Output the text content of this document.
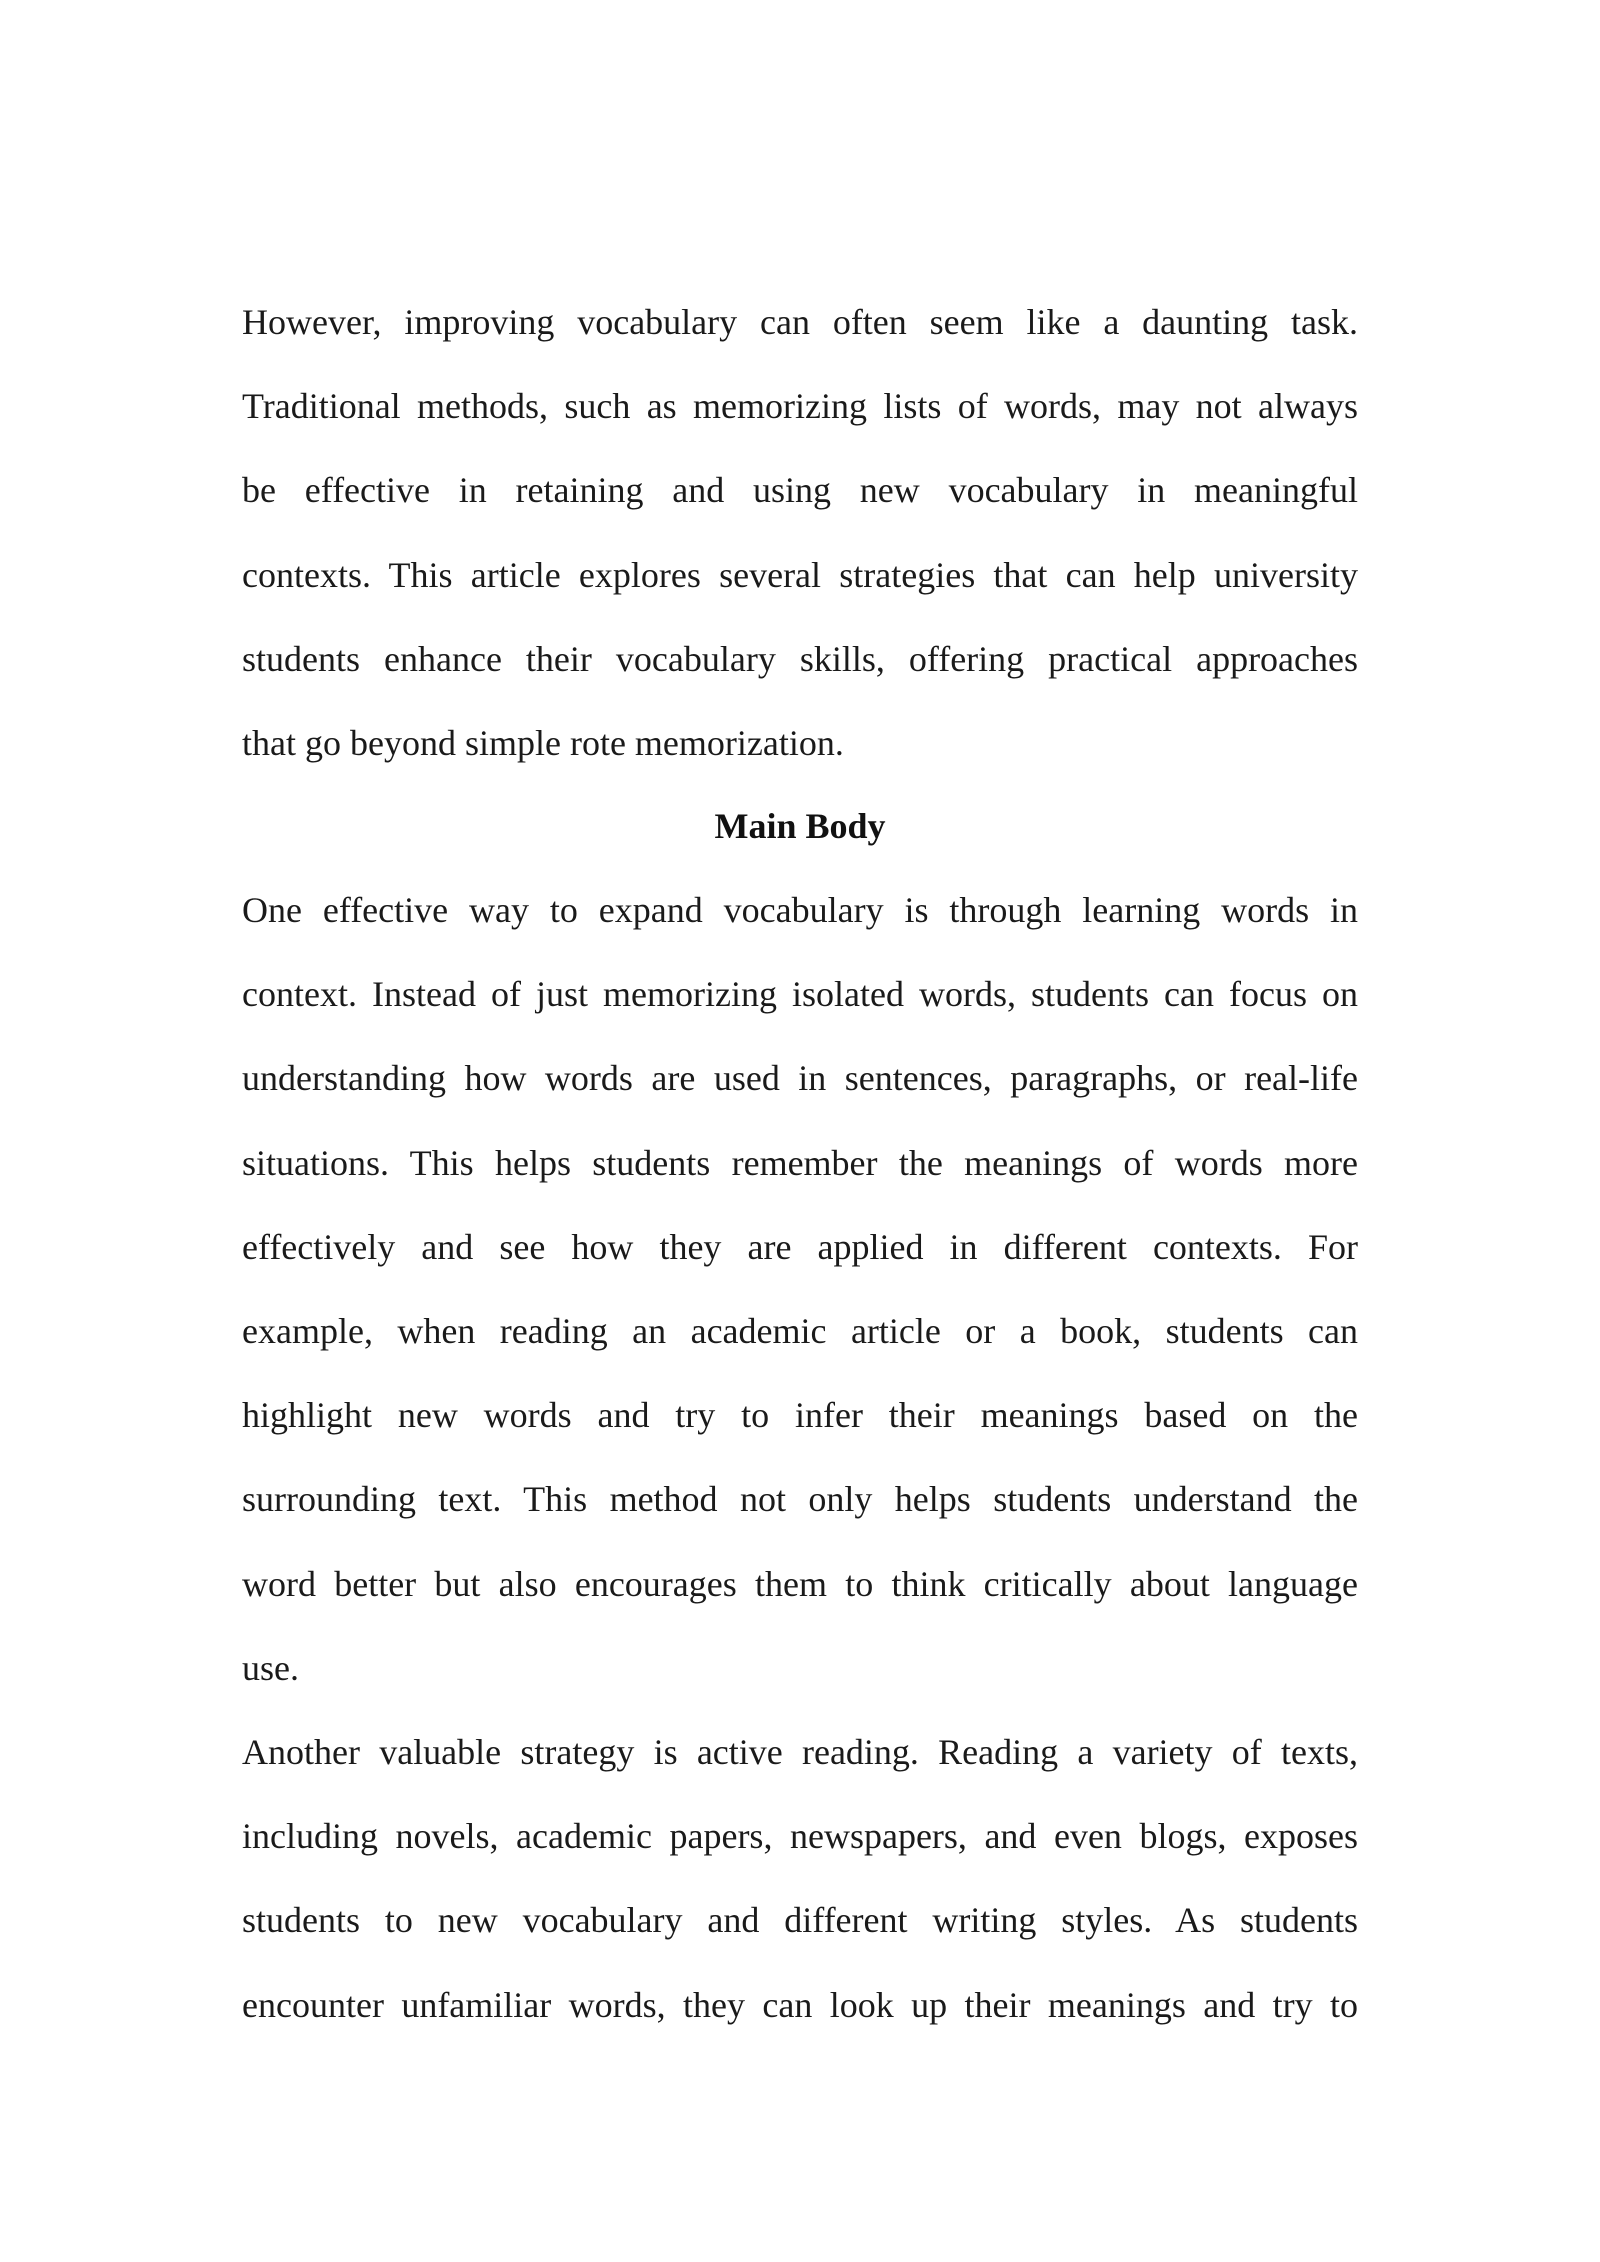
However, improving vocabulary can often seem like a daunting task.
Traditional methods, such as memorizing lists of words, may not always
be effective in retaining and using new vocabulary in meaningful
contexts. This article explores several strategies that can help university
students enhance their vocabulary skills, offering practical approaches
that go beyond simple rote memorization.
Main Body
One effective way to expand vocabulary is through learning words in
context. Instead of just memorizing isolated words, students can focus on
understanding how words are used in sentences, paragraphs, or real-life
situations. This helps students remember the meanings of words more
effectively and see how they are applied in different contexts. For
example, when reading an academic article or a book, students can
highlight new words and try to infer their meanings based on the
surrounding text. This method not only helps students understand the
word better but also encourages them to think critically about language
use.
Another valuable strategy is active reading. Reading a variety of texts,
including novels, academic papers, newspapers, and even blogs, exposes
students to new vocabulary and different writing styles. As students
encounter unfamiliar words, they can look up their meanings and try to
